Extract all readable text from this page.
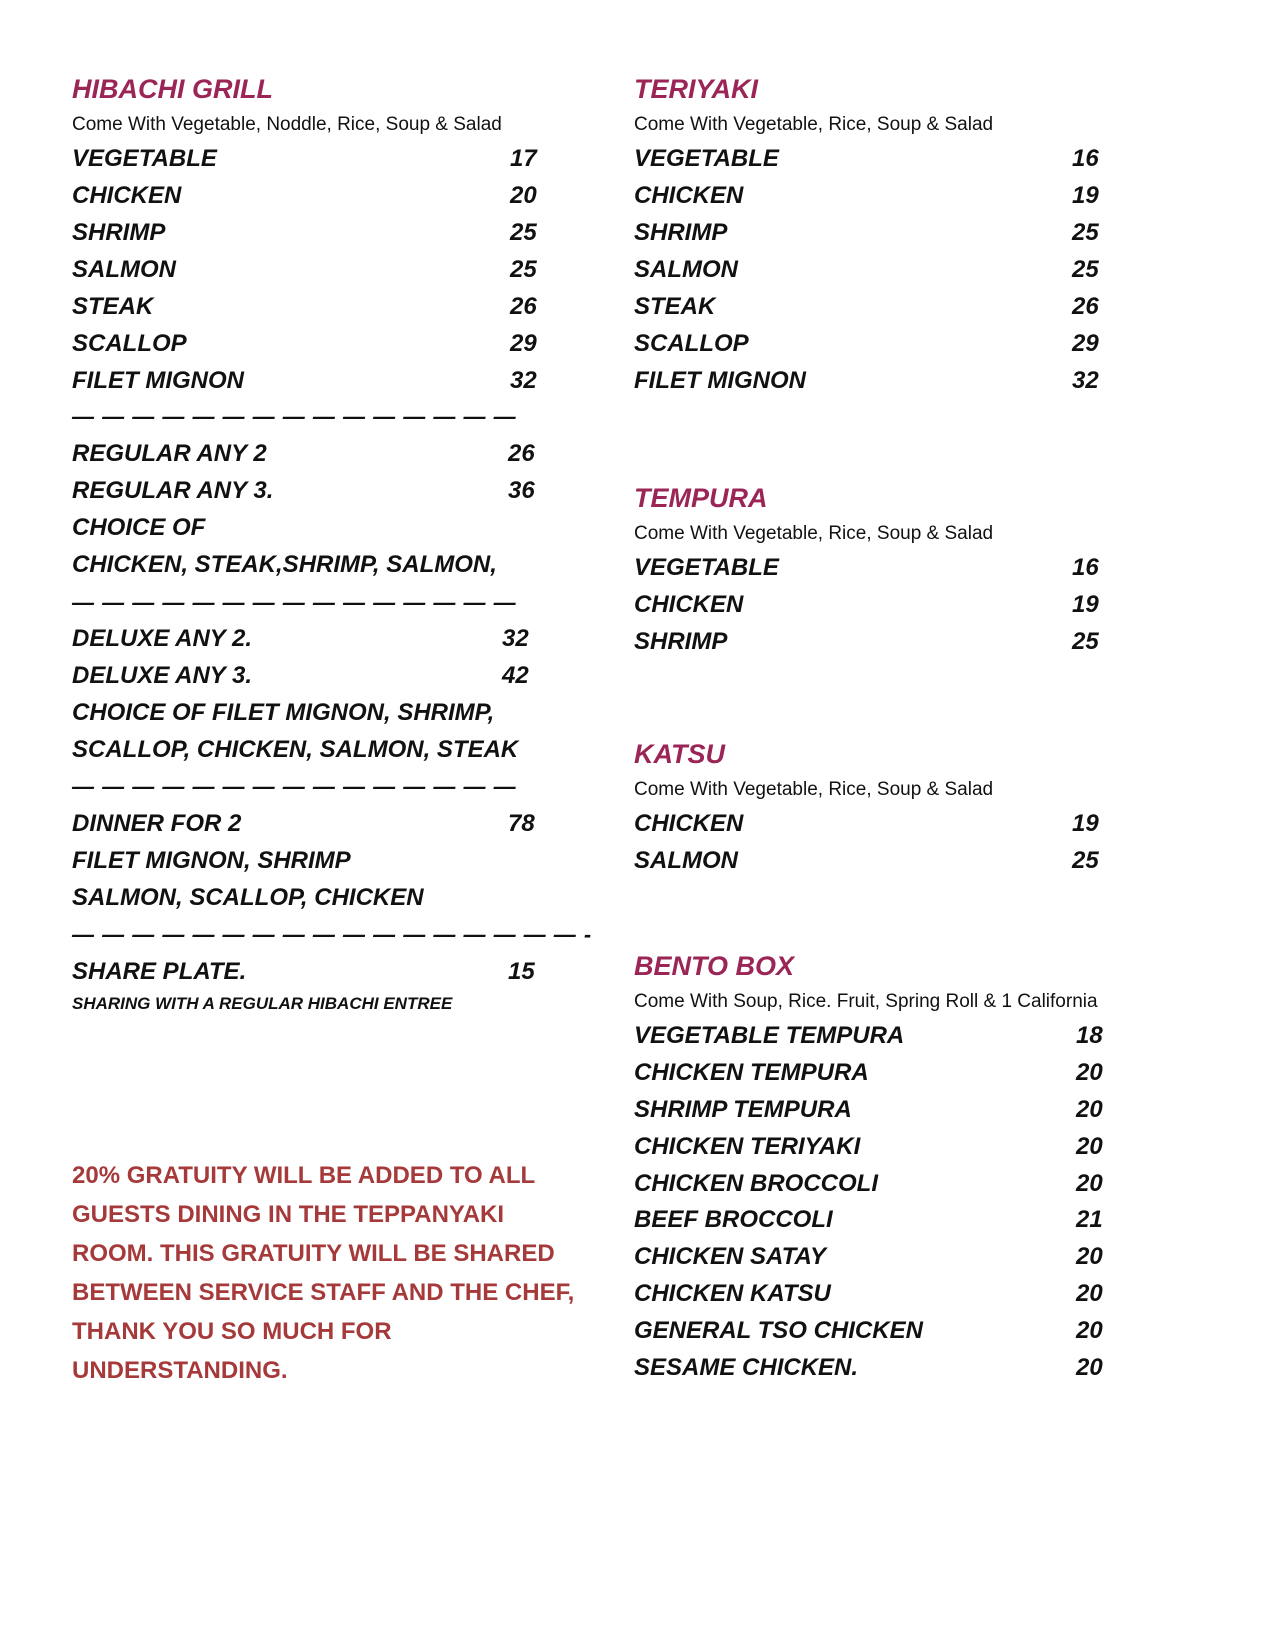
HIBACHI GRILL
Come With Vegetable, Noddle, Rice, Soup & Salad
VEGETABLE	17
CHICKEN	20
SHRIMP	25
SALMON	25
STEAK	26
SCALLOP	29
FILET MIGNON	32
— — — — — — — — — — — — — — —
REGULAR ANY 2	26
REGULAR ANY 3.	36
CHOICE OF
CHICKEN, STEAK,SHRIMP, SALMON,
— — — — — — — — — — — — — — —
DELUXE ANY 2.	32
DELUXE ANY 3.	42
CHOICE OF FILET MIGNON, SHRIMP,
SCALLOP, CHICKEN, SALMON, STEAK
— — — — — — — — — — — — — — —
DINNER FOR 2	78
FILET MIGNON, SHRIMP
SALMON, SCALLOP, CHICKEN
— — — — — — — — — — — — — — — — — -
SHARE PLATE.	15
SHARING WITH A REGULAR HIBACHI ENTREE
20% GRATUITY WILL BE ADDED TO ALL GUESTS DINING IN THE TEPPANYAKI ROOM. THIS GRATUITY WILL BE SHARED BETWEEN SERVICE STAFF AND THE CHEF, THANK YOU SO MUCH FOR UNDERSTANDING.
TERIYAKI
Come With Vegetable, Rice, Soup & Salad
VEGETABLE	16
CHICKEN	19
SHRIMP	25
SALMON	25
STEAK	26
SCALLOP	29
FILET MIGNON	32
TEMPURA
Come With Vegetable, Rice, Soup & Salad
VEGETABLE	16
CHICKEN	19
SHRIMP	25
KATSU
Come With Vegetable, Rice, Soup & Salad
CHICKEN	19
SALMON	25
BENTO BOX
Come With Soup, Rice. Fruit, Spring Roll & 1 California
VEGETABLE TEMPURA	18
CHICKEN TEMPURA	20
SHRIMP TEMPURA	20
CHICKEN TERIYAKI	20
CHICKEN BROCCOLI	20
BEEF BROCCOLI	21
CHICKEN SATAY	20
CHICKEN KATSU	20
GENERAL TSO CHICKEN	20
SESAME CHICKEN.	20
